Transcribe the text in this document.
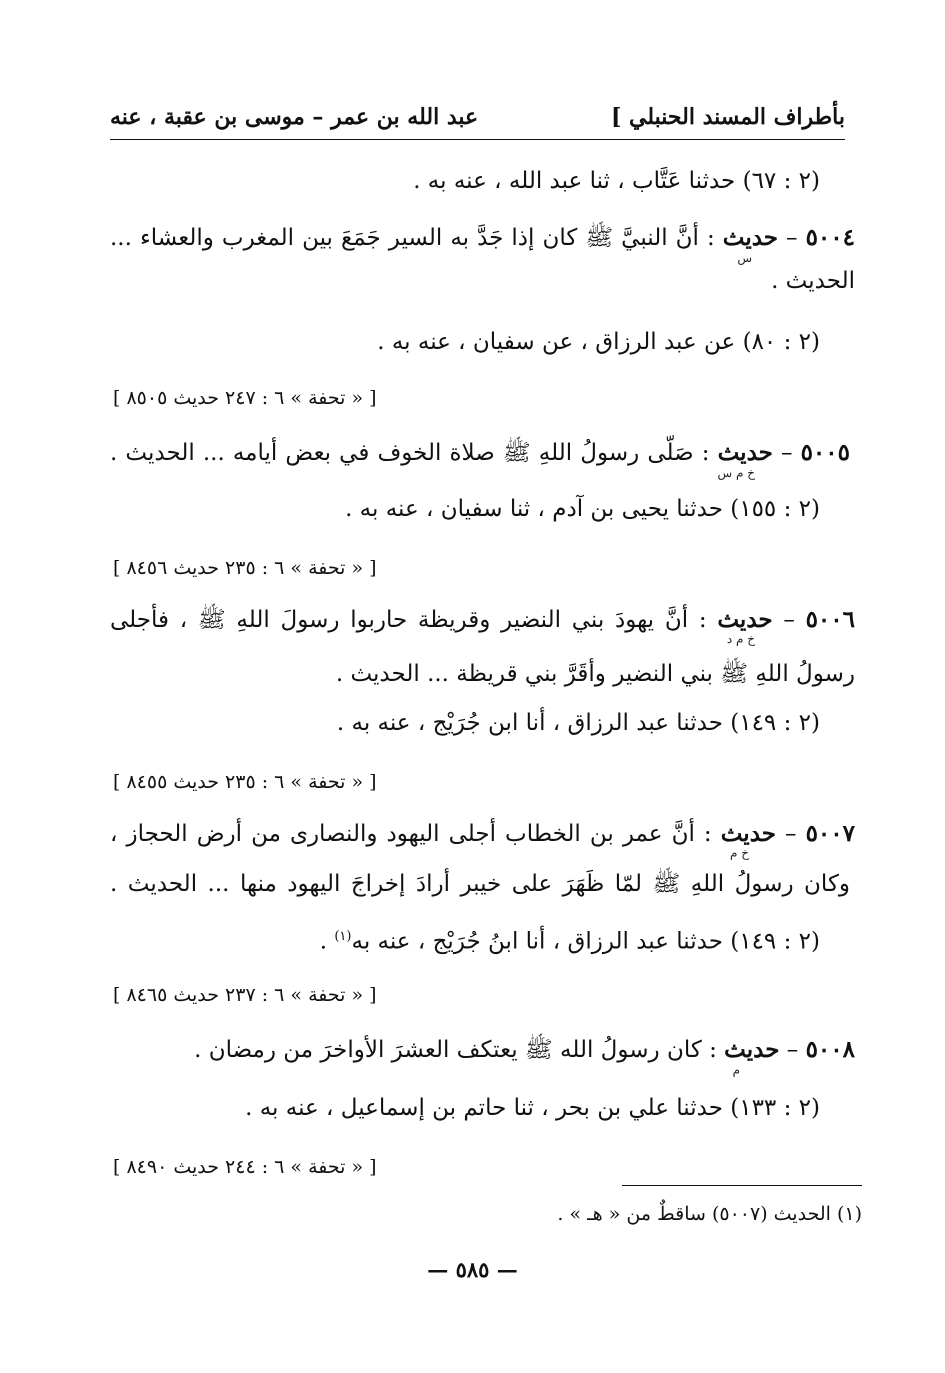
بأطراف المسند الحنبلي ]
عبد الله بن عمر – موسى بن عقبة ، عنه
(٢ : ٦٧) حدثنا عَتَّاب ، ثنا عبد الله ، عنه به .
٥٠٠٤ – حديث : أنَّ النبيَّ ﷺ كان إذا جَدَّ به السير جَمَعَ بين المغرب والعشاء ...
س
الحديث .
(٢ : ٨٠) عن عبد الرزاق ، عن سفيان ، عنه به .
[ « تحفة » ٦ : ٢٤٧ حديث ٨٥٠٥ ]
٥٠٠٥ – حديث : صَلّى رسولُ اللهِ ﷺ صلاة الخوف في بعض أيامه ... الحديث .
خ م س
(٢ : ١٥٥) حدثنا يحيى بن آدم ، ثنا سفيان ، عنه به .
[ « تحفة » ٦ : ٢٣٥ حديث ٨٤٥٦ ]
٥٠٠٦ – حديث : أنَّ يهودَ بني النضير وقريظة حاربوا رسولَ اللهِ ﷺ ، فأجلى
خ م د
رسولُ اللهِ ﷺ بني النضير وأقَرَّ بني قريظة ... الحديث .
(٢ : ١٤٩) حدثنا عبد الرزاق ، أنا ابن جُرَيْج ، عنه به .
[ « تحفة » ٦ : ٢٣٥ حديث ٨٤٥٥ ]
٥٠٠٧ – حديث : أنَّ عمر بن الخطاب أجلى اليهود والنصارى من أرض الحجاز ،
خ م
وكان رسولُ اللهِ ﷺ لمّا ظَهَرَ على خيبر أرادَ إخراجَ اليهود منها ... الحديث .
(٢ : ١٤٩) حدثنا عبد الرزاق ، أنا ابنُ جُرَيْج ، عنه به$^{(١)}$ .
[ « تحفة » ٦ : ٢٣٧ حديث ٨٤٦٥ ]
٥٠٠٨ – حديث : كان رسولُ الله ﷺ يعتكف العشرَ الأواخرَ من رمضان .
م
(٢ : ١٣٣) حدثنا علي بن بحر ، ثنا حاتم بن إسماعيل ، عنه به .
[ « تحفة » ٦ : ٢٤٤ حديث ٨٤٩٠ ]
(١) الحديث (٥٠٠٧) ساقطٌ من « هـ » .
— ٥٨٥ —
